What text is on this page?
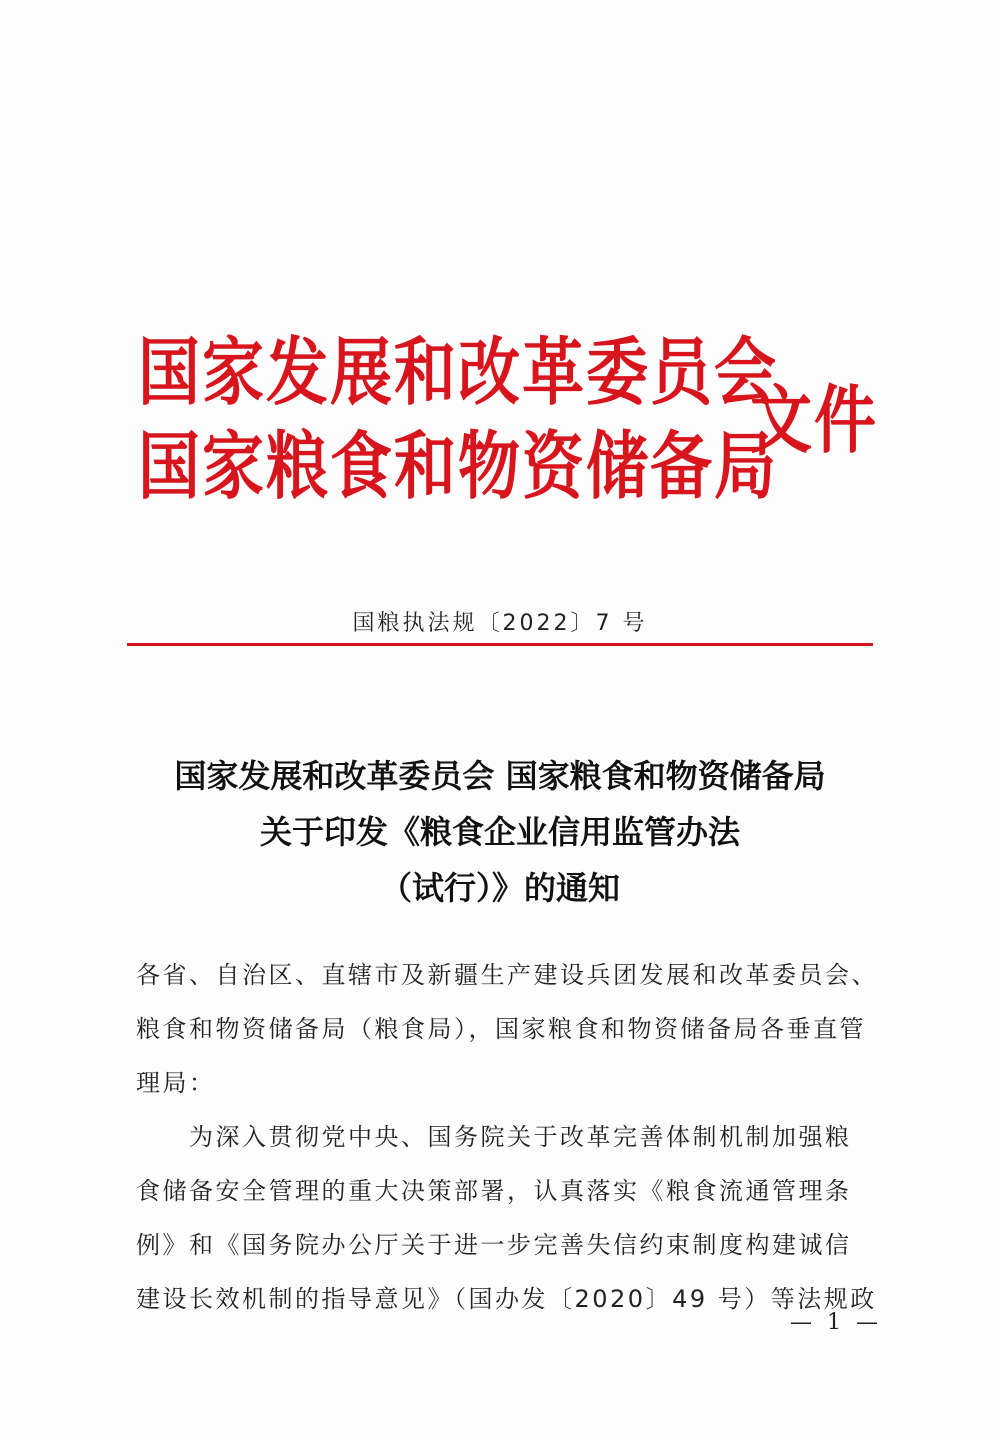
国家发展和改革委员会
国家粮食和物资储备局
文件
国粮执法规〔2022〕7 号
国家发展和改革委员会 国家粮食和物资储备局
关于印发《粮食企业信用监管办法
（试行）》的通知
各省、自治区、直辖市及新疆生产建设兵团发展和改革委员会、
粮食和物资储备局（粮食局），国家粮食和物资储备局各垂直管
理局：
　　为深入贯彻党中央、国务院关于改革完善体制机制加强粮
食储备安全管理的重大决策部署，认真落实《粮食流通管理条
例》和《国务院办公厅关于进一步完善失信约束制度构建诚信
建设长效机制的指导意见》（国办发〔2020〕49 号）等法规政
— 1 —
